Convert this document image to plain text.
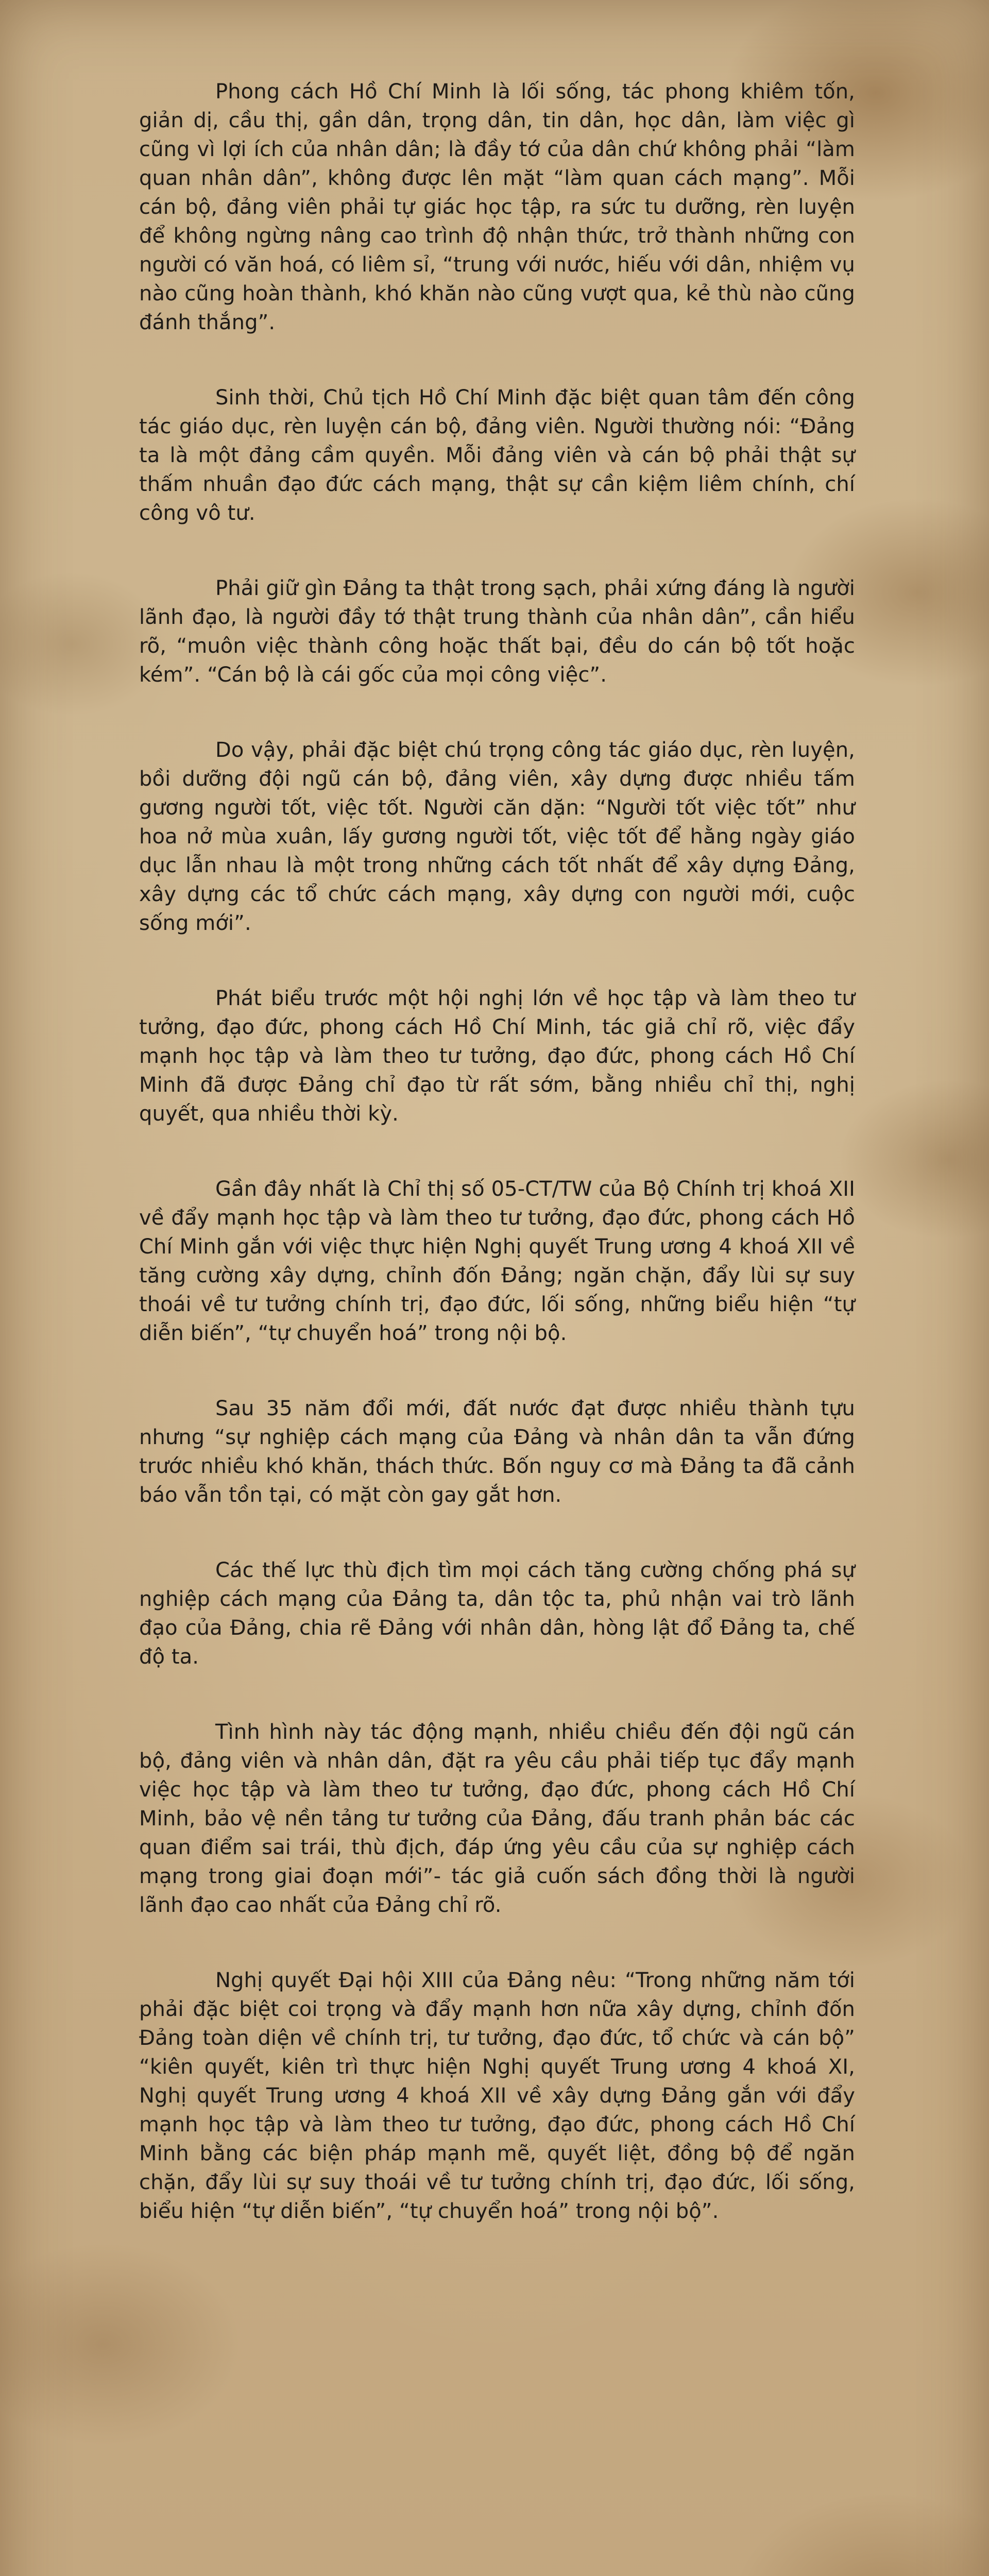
Phong cách Hồ Chí Minh là lối sống, tác phong khiêm tốn, giản dị, cầu thị, gần dân, trọng dân, tin dân, học dân, làm việc gì cũng vì lợi ích của nhân dân; là đầy tớ của dân chứ không phải “làm quan nhân dân”, không được lên mặt “làm quan cách mạng”. Mỗi cán bộ, đảng viên phải tự giác học tập, ra sức tu dưỡng, rèn luyện để không ngừng nâng cao trình độ nhận thức, trở thành những con người có văn hoá, có liêm sỉ, “trung với nước, hiếu với dân, nhiệm vụ nào cũng hoàn thành, khó khăn nào cũng vượt qua, kẻ thù nào cũng đánh thắng”.

Sinh thời, Chủ tịch Hồ Chí Minh đặc biệt quan tâm đến công tác giáo dục, rèn luyện cán bộ, đảng viên. Người thường nói: “Đảng ta là một đảng cầm quyền. Mỗi đảng viên và cán bộ phải thật sự thấm nhuần đạo đức cách mạng, thật sự cần kiệm liêm chính, chí công vô tư.

Phải giữ gìn Đảng ta thật trong sạch, phải xứng đáng là người lãnh đạo, là người đầy tớ thật trung thành của nhân dân”, cần hiểu rõ, “muôn việc thành công hoặc thất bại, đều do cán bộ tốt hoặc kém”. “Cán bộ là cái gốc của mọi công việc”.

Do vậy, phải đặc biệt chú trọng công tác giáo dục, rèn luyện, bồi dưỡng đội ngũ cán bộ, đảng viên, xây dựng được nhiều tấm gương người tốt, việc tốt. Người căn dặn: “Người tốt việc tốt” như hoa nở mùa xuân, lấy gương người tốt, việc tốt để hằng ngày giáo dục lẫn nhau là một trong những cách tốt nhất để xây dựng Đảng, xây dựng các tổ chức cách mạng, xây dựng con người mới, cuộc sống mới”.

Phát biểu trước một hội nghị lớn về học tập và làm theo tư tưởng, đạo đức, phong cách Hồ Chí Minh, tác giả chỉ rõ, việc đẩy mạnh học tập và làm theo tư tưởng, đạo đức, phong cách Hồ Chí Minh đã được Đảng chỉ đạo từ rất sớm, bằng nhiều chỉ thị, nghị quyết, qua nhiều thời kỳ.

Gần đây nhất là Chỉ thị số 05-CT/TW của Bộ Chính trị khoá XII về đẩy mạnh học tập và làm theo tư tưởng, đạo đức, phong cách Hồ Chí Minh gắn với việc thực hiện Nghị quyết Trung ương 4 khoá XII về tăng cường xây dựng, chỉnh đốn Đảng; ngăn chặn, đẩy lùi sự suy thoái về tư tưởng chính trị, đạo đức, lối sống, những biểu hiện “tự diễn biến”, “tự chuyển hoá” trong nội bộ.

Sau 35 năm đổi mới, đất nước đạt được nhiều thành tựu nhưng “sự nghiệp cách mạng của Đảng và nhân dân ta vẫn đứng trước nhiều khó khăn, thách thức. Bốn nguy cơ mà Đảng ta đã cảnh báo vẫn tồn tại, có mặt còn gay gắt hơn.

Các thế lực thù địch tìm mọi cách tăng cường chống phá sự nghiệp cách mạng của Đảng ta, dân tộc ta, phủ nhận vai trò lãnh đạo của Đảng, chia rẽ Đảng với nhân dân, hòng lật đổ Đảng ta, chế độ ta.

Tình hình này tác động mạnh, nhiều chiều đến đội ngũ cán bộ, đảng viên và nhân dân, đặt ra yêu cầu phải tiếp tục đẩy mạnh việc học tập và làm theo tư tưởng, đạo đức, phong cách Hồ Chí Minh, bảo vệ nền tảng tư tưởng của Đảng, đấu tranh phản bác các quan điểm sai trái, thù địch, đáp ứng yêu cầu của sự nghiệp cách mạng trong giai đoạn mới”- tác giả cuốn sách đồng thời là người lãnh đạo cao nhất của Đảng chỉ rõ.

Nghị quyết Đại hội XIII của Đảng nêu: “Trong những năm tới phải đặc biệt coi trọng và đẩy mạnh hơn nữa xây dựng, chỉnh đốn Đảng toàn diện về chính trị, tư tưởng, đạo đức, tổ chức và cán bộ” “kiên quyết, kiên trì thực hiện Nghị quyết Trung ương 4 khoá XI, Nghị quyết Trung ương 4 khoá XII về xây dựng Đảng gắn với đẩy mạnh học tập và làm theo tư tưởng, đạo đức, phong cách Hồ Chí Minh bằng các biện pháp mạnh mẽ, quyết liệt, đồng bộ để ngăn chặn, đẩy lùi sự suy thoái về tư tưởng chính trị, đạo đức, lối sống, biểu hiện “tự diễn biến”, “tự chuyển hoá” trong nội bộ”.
